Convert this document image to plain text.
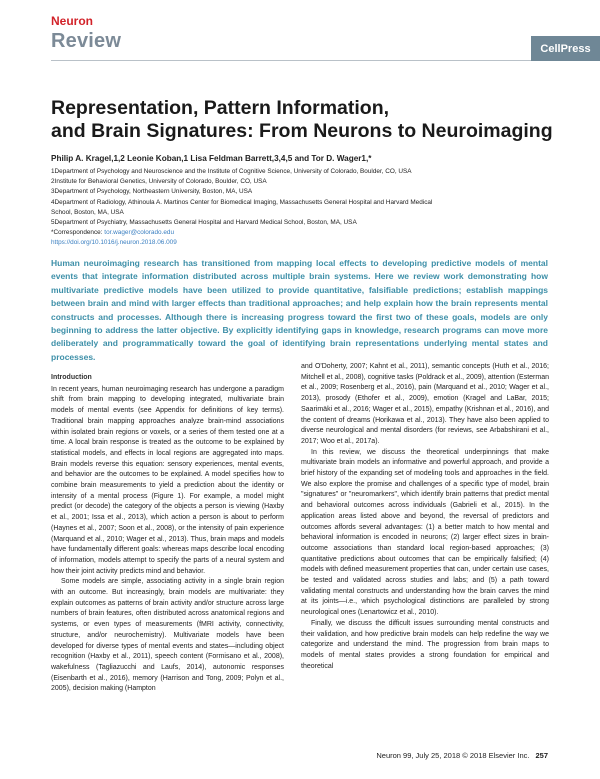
Neuron
Review	CellPress
Representation, Pattern Information,
and Brain Signatures: From Neurons to Neuroimaging
Philip A. Kragel,1,2 Leonie Koban,1 Lisa Feldman Barrett,3,4,5 and Tor D. Wager1,*
1Department of Psychology and Neuroscience and the Institute of Cognitive Science, University of Colorado, Boulder, CO, USA
2Institute for Behavioral Genetics, University of Colorado, Boulder, CO, USA
3Department of Psychology, Northeastern University, Boston, MA, USA
4Department of Radiology, Athinoula A. Martinos Center for Biomedical Imaging, Massachusetts General Hospital and Harvard Medical
School, Boston, MA, USA
5Department of Psychiatry, Massachusetts General Hospital and Harvard Medical School, Boston, MA, USA
*Correspondence: tor.wager@colorado.edu
https://doi.org/10.1016/j.neuron.2018.06.009
Human neuroimaging research has transitioned from mapping local effects to developing predictive models of mental events that integrate information distributed across multiple brain systems. Here we review work demonstrating how multivariate predictive models have been utilized to provide quantitative, falsifiable predictions; establish mappings between brain and mind with larger effects than traditional approaches; and help explain how the brain represents mental constructs and processes. Although there is increasing progress toward the first two of these goals, models are only beginning to address the latter objective. By explicitly identifying gaps in knowledge, research programs can move more deliberately and programmatically toward the goal of identifying brain representations underlying mental states and processes.
Introduction

In recent years, human neuroimaging research has undergone a paradigm shift from brain mapping to developing integrated, multivariate brain models of mental events (see Appendix for definitions of key terms). Traditional brain mapping approaches analyze brain-mind associations within isolated brain regions or voxels, or a series of them tested one at a time. A local brain response is treated as the outcome to be explained by statistical models, and effects in local regions are aggregated into maps. Brain models reverse this equation: sensory experiences, mental events, and behavior are the outcomes to be explained. A model specifies how to combine brain measurements to yield a prediction about the identity or intensity of a mental process (Figure 1). For example, a model might predict (or decode) the category of the objects a person is viewing (Haxby et al., 2001; Issa et al., 2013), which action a person is about to perform (Haynes et al., 2007; Soon et al., 2008), or the intensity of pain experience (Marquand et al., 2010; Wager et al., 2013). Thus, brain maps and models have fundamentally different goals: whereas maps describe local encoding of information, models attempt to specify the parts of a neural system and how their joint activity predicts mind and behavior.

Some models are simple, associating activity in a single brain region with an outcome. But increasingly, brain models are multivariate: they explain outcomes as patterns of brain activity and/or structure across large numbers of brain features, often distributed across anatomical regions and systems, or even types of measurements (fMRI activity, connectivity, structure, and/or neurochemistry). Multivariate models have been developed for diverse types of mental events and states—including object recognition (Haxby et al., 2011), speech content (Formisano et al., 2008), wakefulness (Tagliazucchi and Laufs, 2014), autonomic responses (Eisenbarth et al., 2016), memory (Harrison and Tong, 2009; Polyn et al., 2005), decision making (Hampton

and O'Doherty, 2007; Kahnt et al., 2011), semantic concepts (Huth et al., 2016; Mitchell et al., 2008), cognitive tasks (Poldrack et al., 2009), attention (Esterman et al., 2009; Rosenberg et al., 2016), pain (Marquand et al., 2010; Wager et al., 2013), prosody (Ethofer et al., 2009), emotion (Kragel and LaBar, 2015; Saarimäki et al., 2016; Wager et al., 2015), empathy (Krishnan et al., 2016), and the content of dreams (Horikawa et al., 2013). They have also been applied to diverse neurological and mental disorders (for reviews, see Arbabshirani et al., 2017; Woo et al., 2017a).

In this review, we discuss the theoretical underpinnings that make multivariate brain models an informative and powerful approach, and provide a brief history of the expanding set of modeling tools and approaches in the field. We also explore the promise and challenges of a specific type of model, brain "signatures" or "neuromarkers", which identify brain patterns that predict mental and behavioral outcomes across individuals (Gabrieli et al., 2015). In the application areas listed above and beyond, the reversal of predictors and outcomes affords several advantages: (1) a better match to how mental and behavioral information is encoded in neurons; (2) larger effect sizes in brain-outcome associations than standard local region-based approaches; (3) quantitative predictions about outcomes that can be empirically falsified; (4) models with defined measurement properties that can, under certain use cases, be tested and validated across studies and labs; and (5) a path toward validating mental constructs and understanding how the brain carves the mind at its joints—i.e., which psychological distinctions are paralleled by strong neurological ones (Lenartowicz et al., 2010).

Finally, we discuss the difficult issues surrounding mental constructs and their validation, and how predictive brain models can help redefine the way we categorize and understand the mind. The progression from brain maps to models of mental states provides a strong foundation for empirical and theoretical

Neuron 99, July 25, 2018 © 2018 Elsevier Inc. 257
